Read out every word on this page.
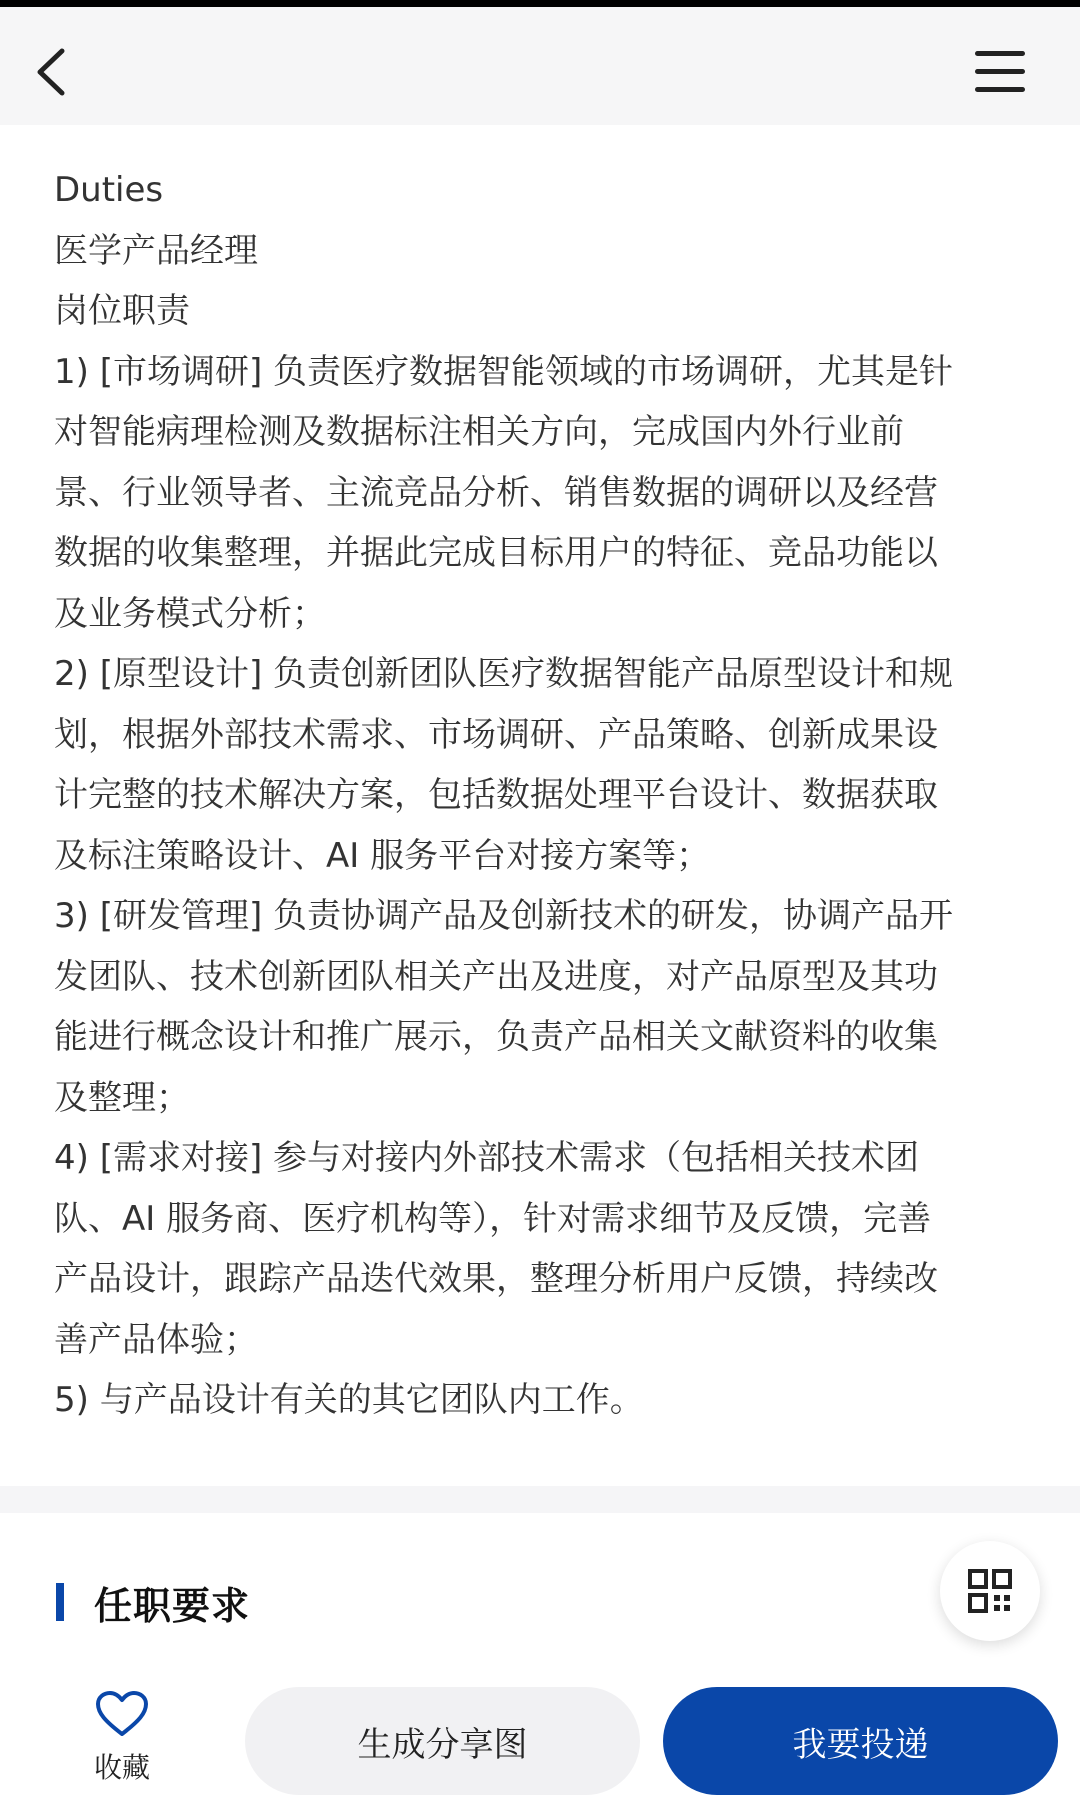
Duties
医学产品经理
岗位职责
1) [市场调研] 负责医疗数据智能领域的市场调研，尤其是针
对智能病理检测及数据标注相关方向，完成国内外行业前
景、行业领导者、主流竞品分析、销售数据的调研以及经营
数据的收集整理，并据此完成目标用户的特征、竞品功能以
及业务模式分析；
2) [原型设计] 负责创新团队医疗数据智能产品原型设计和规
划，根据外部技术需求、市场调研、产品策略、创新成果设
计完整的技术解决方案，包括数据处理平台设计、数据获取
及标注策略设计、AI 服务平台对接方案等；
3) [研发管理] 负责协调产品及创新技术的研发，协调产品开
发团队、技术创新团队相关产出及进度，对产品原型及其功
能进行概念设计和推广展示，负责产品相关文献资料的收集
及整理；
4) [需求对接] 参与对接内外部技术需求（包括相关技术团
队、AI 服务商、医疗机构等），针对需求细节及反馈，完善
产品设计，跟踪产品迭代效果，整理分析用户反馈，持续改
善产品体验；
5) 与产品设计有关的其它团队内工作。
任职要求
收藏
生成分享图	我要投递
